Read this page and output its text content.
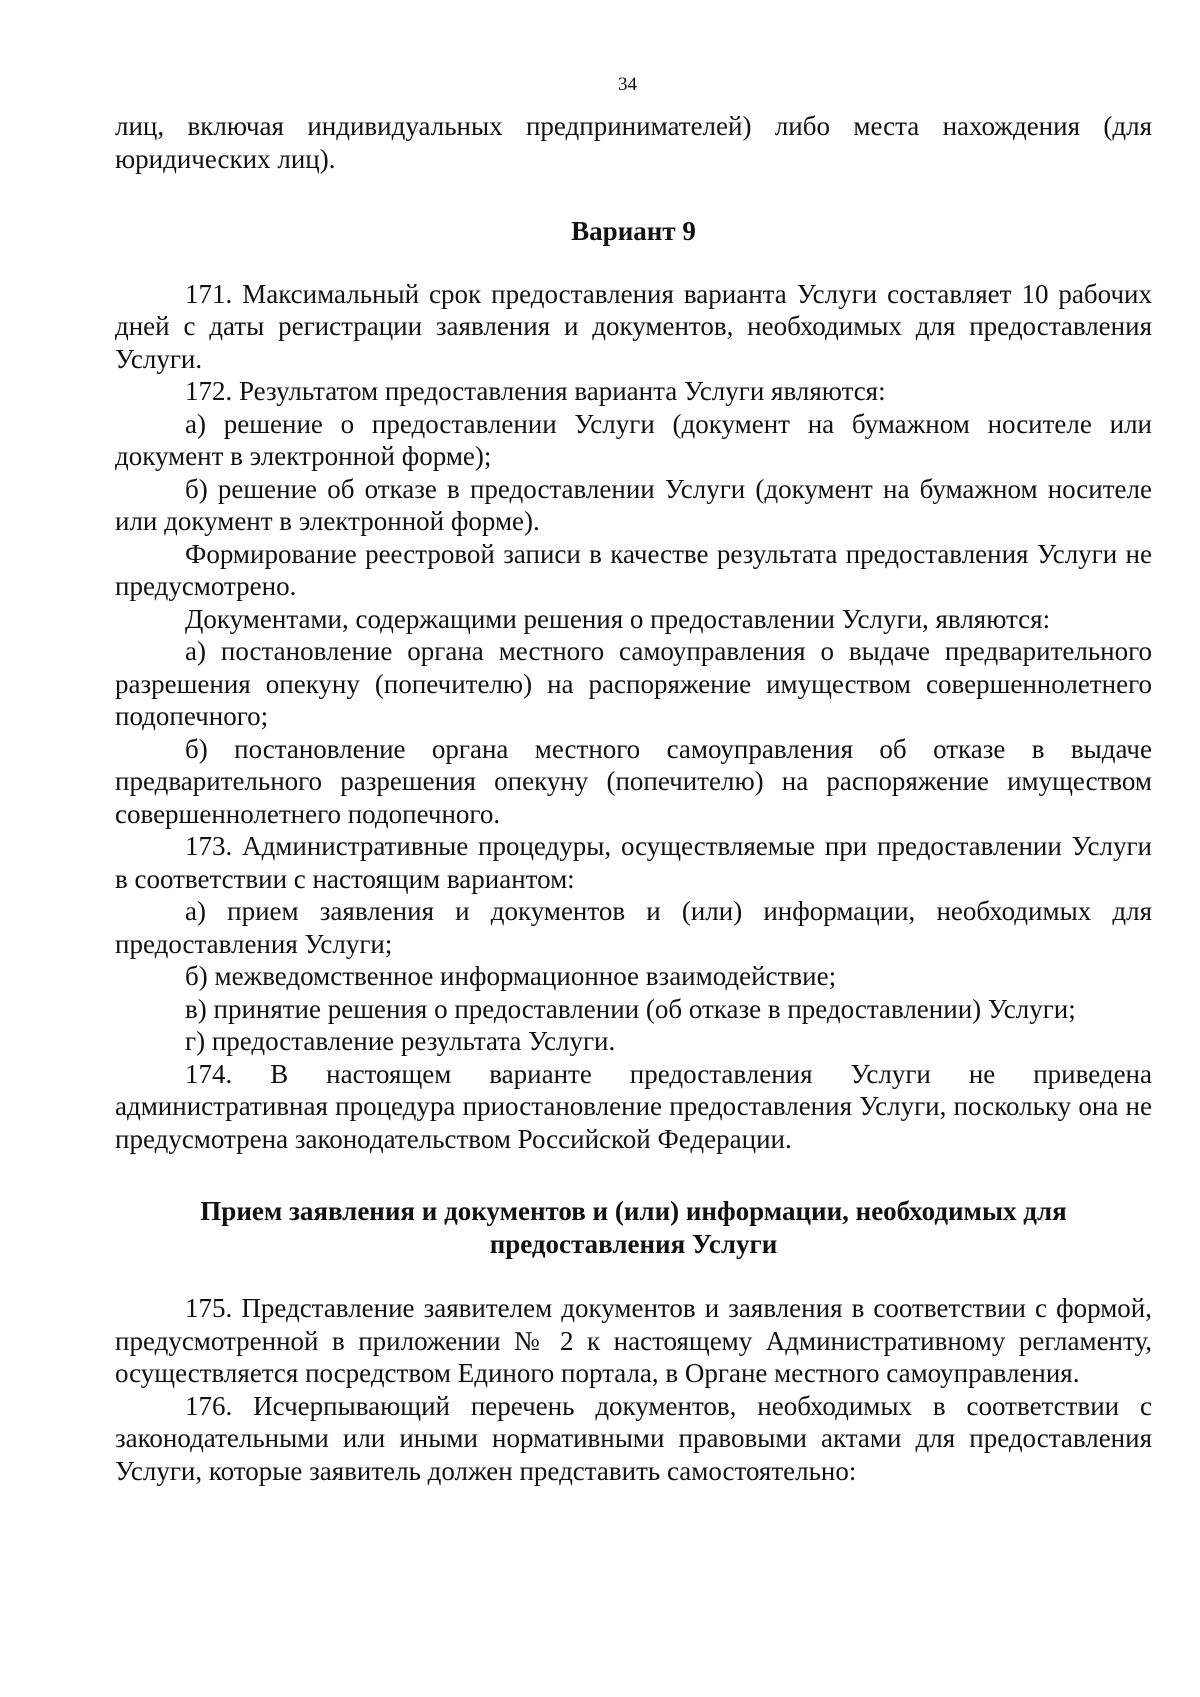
34

лиц, включая индивидуальных предпринимателей) либо места нахождения (для юридических лиц).

Вариант 9

171. Максимальный срок предоставления варианта Услуги составляет 10 рабочих дней с даты регистрации заявления и документов, необходимых для предоставления Услуги.

172. Результатом предоставления варианта Услуги являются:

а) решение о предоставлении Услуги (документ на бумажном носителе или документ в электронной форме);

б) решение об отказе в предоставлении Услуги (документ на бумажном носителе или документ в электронной форме).

Формирование реестровой записи в качестве результата предоставления Услуги не предусмотрено.

Документами, содержащими решения о предоставлении Услуги, являются:

а) постановление органа местного самоуправления о выдаче предварительного разрешения опекуну (попечителю) на распоряжение имуществом совершеннолетнего подопечного;

б) постановление органа местного самоуправления об отказе в выдаче предварительного разрешения опекуну (попечителю) на распоряжение имуществом совершеннолетнего подопечного.

173. Административные процедуры, осуществляемые при предоставлении Услуги в соответствии с настоящим вариантом:

а) прием заявления и документов и (или) информации, необходимых для предоставления Услуги;

б) межведомственное информационное взаимодействие;

в) принятие решения о предоставлении (об отказе в предоставлении) Услуги;

г) предоставление результата Услуги.

174. В настоящем варианте предоставления Услуги не приведена административная процедура приостановление предоставления Услуги, поскольку она не предусмотрена законодательством Российской Федерации.

Прием заявления и документов и (или) информации, необходимых для
предоставления Услуги

175. Представление заявителем документов и заявления в соответствии с формой, предусмотренной в приложении № 2 к настоящему Административному регламенту, осуществляется посредством Единого портала, в Органе местного самоуправления.

176. Исчерпывающий перечень документов, необходимых в соответствии с законодательными или иными нормативными правовыми актами для предоставления Услуги, которые заявитель должен представить самостоятельно:
